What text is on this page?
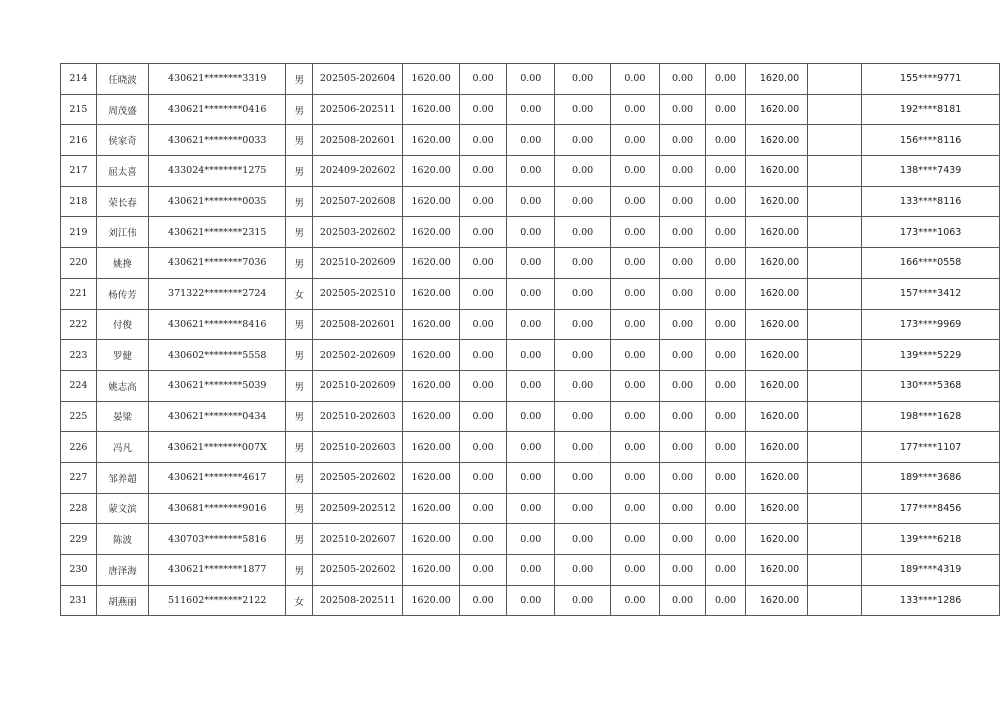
214	任晓波	430621********3319	男	202505-202604	1620.00	0.00	0.00	0.00	0.00	0.00	0.00	1620.00		155****9771
215	周茂盛	430621********0416	男	202506-202511	1620.00	0.00	0.00	0.00	0.00	0.00	0.00	1620.00		192****8181
216	侯家奇	430621********0033	男	202508-202601	1620.00	0.00	0.00	0.00	0.00	0.00	0.00	1620.00		156****8116
217	屈太喜	433024********1275	男	202409-202602	1620.00	0.00	0.00	0.00	0.00	0.00	0.00	1620.00		138****7439
218	荣长春	430621********0035	男	202507-202608	1620.00	0.00	0.00	0.00	0.00	0.00	0.00	1620.00		133****8116
219	刘江伟	430621********2315	男	202503-202602	1620.00	0.00	0.00	0.00	0.00	0.00	0.00	1620.00		173****1063
220	姚搀	430621********7036	男	202510-202609	1620.00	0.00	0.00	0.00	0.00	0.00	0.00	1620.00		166****0558
221	杨传芳	371322********2724	女	202505-202510	1620.00	0.00	0.00	0.00	0.00	0.00	0.00	1620.00		157****3412
222	付俊	430621********8416	男	202508-202601	1620.00	0.00	0.00	0.00	0.00	0.00	0.00	1620.00		173****9969
223	罗健	430602********5558	男	202502-202609	1620.00	0.00	0.00	0.00	0.00	0.00	0.00	1620.00		139****5229
224	姚志高	430621********5039	男	202510-202609	1620.00	0.00	0.00	0.00	0.00	0.00	0.00	1620.00		130****5368
225	晏梁	430621********0434	男	202510-202603	1620.00	0.00	0.00	0.00	0.00	0.00	0.00	1620.00		198****1628
226	冯凡	430621********007X	男	202510-202603	1620.00	0.00	0.00	0.00	0.00	0.00	0.00	1620.00		177****1107
227	邹养超	430621********4617	男	202505-202602	1620.00	0.00	0.00	0.00	0.00	0.00	0.00	1620.00		189****3686
228	蒙文滨	430681********9016	男	202509-202512	1620.00	0.00	0.00	0.00	0.00	0.00	0.00	1620.00		177****8456
229	陈波	430703********5816	男	202510-202607	1620.00	0.00	0.00	0.00	0.00	0.00	0.00	1620.00		139****6218
230	唐泽海	430621********1877	男	202505-202602	1620.00	0.00	0.00	0.00	0.00	0.00	0.00	1620.00		189****4319
231	胡燕丽	511602********2122	女	202508-202511	1620.00	0.00	0.00	0.00	0.00	0.00	0.00	1620.00		133****1286
